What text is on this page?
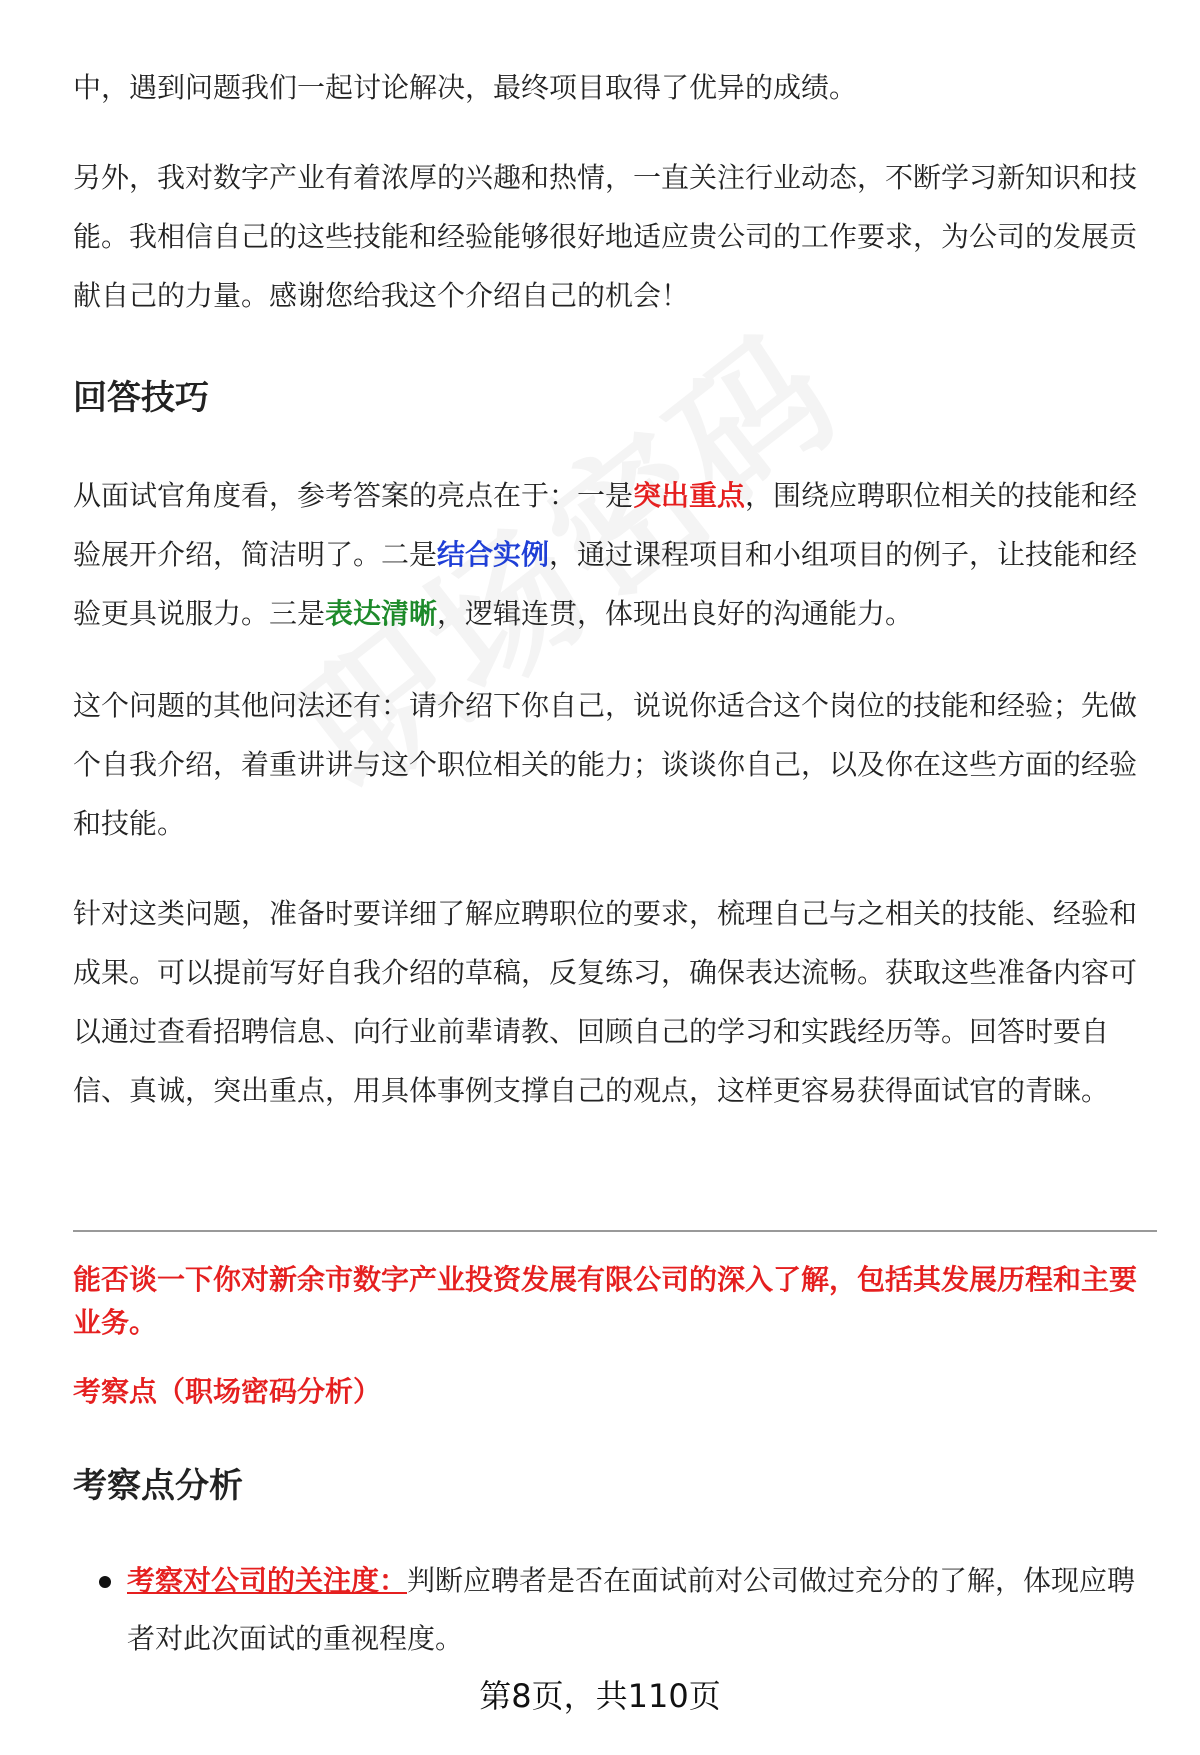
中，遇到问题我们一起讨论解决，最终项目取得了优异的成绩。

另外，我对数字产业有着浓厚的兴趣和热情，一直关注行业动态，不断学习新知识和技能。我相信自己的这些技能和经验能够很好地适应贵公司的工作要求，为公司的发展贡献自己的力量。感谢您给我这个介绍自己的机会！

回答技巧

从面试官角度看，参考答案的亮点在于：一是突出重点，围绕应聘职位相关的技能和经验展开介绍，简洁明了。二是结合实例，通过课程项目和小组项目的例子，让技能和经验更具说服力。三是表达清晰，逻辑连贯，体现出良好的沟通能力。

这个问题的其他问法还有：请介绍下你自己，说说你适合这个岗位的技能和经验；先做个自我介绍，着重讲讲与这个职位相关的能力；谈谈你自己，以及你在这些方面的经验和技能。

针对这类问题，准备时要详细了解应聘职位的要求，梳理自己与之相关的技能、经验和成果。可以提前写好自我介绍的草稿，反复练习，确保表达流畅。获取这些准备内容可以通过查看招聘信息、向行业前辈请教、回顾自己的学习和实践经历等。回答时要自信、真诚，突出重点，用具体事例支撑自己的观点，这样更容易获得面试官的青睐。

能否谈一下你对新余市数字产业投资发展有限公司的深入了解，包括其发展历程和主要业务。

考察点（职场密码分析）

考察点分析
考察对公司的关注度：判断应聘者是否在面试前对公司做过充分的了解，体现应聘者对此次面试的重视程度。
第8页，共110页
